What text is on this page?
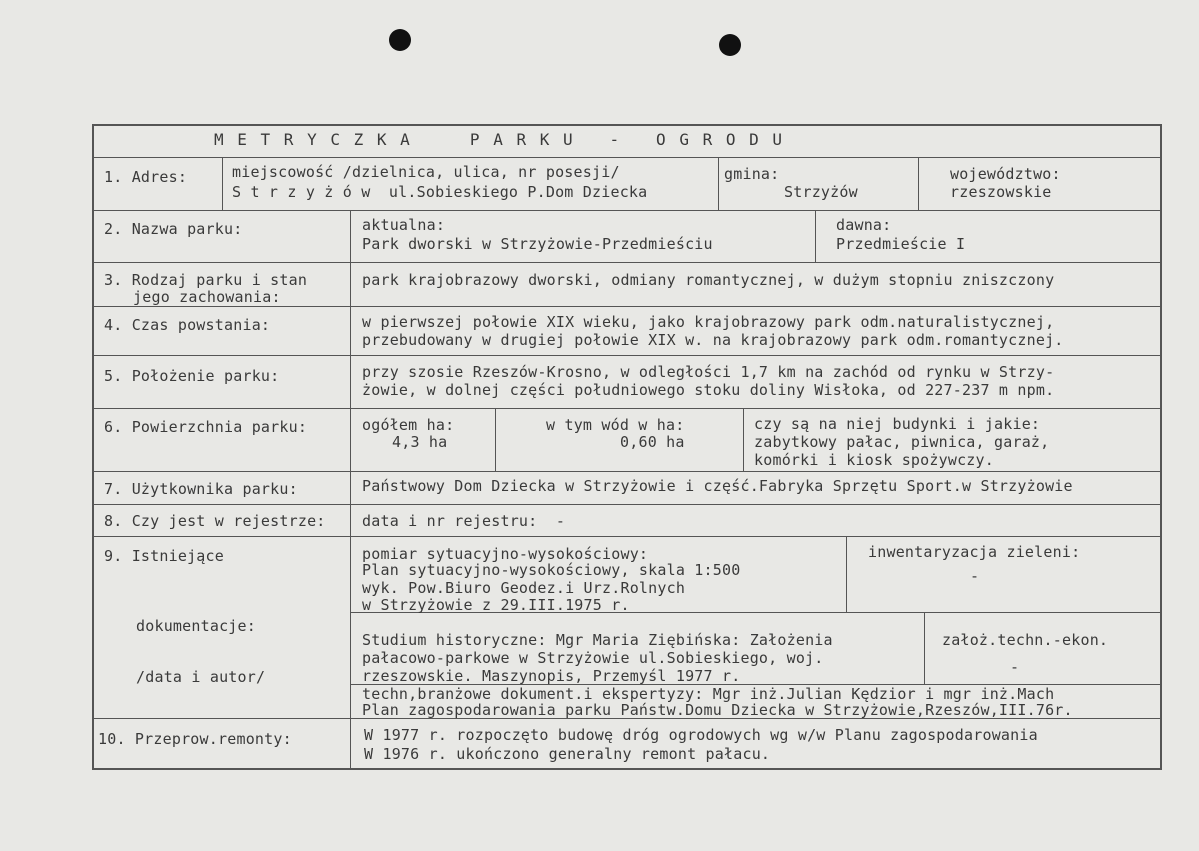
M E T R Y C Z K A     P A R K U   -   O G R O D U
1. Adres:	miejscowość /dzielnica, ulica, nr posesji/
S t r z y ż ó w  ul.Sobieskiego P.Dom Dziecka
gmina:
Strzyżów
województwo:
rzeszowskie
2. Nazwa parku:	aktualna:
Park dworski w Strzyżowie-Przedmieściu
dawna:
Przedmieście I
3. Rodzaj parku i stan
jego zachowania:
park krajobrazowy dworski, odmiany romantycznej, w dużym stopniu zniszczony
4. Czas powstania:	w pierwszej połowie XIX wieku, jako krajobrazowy park odm.naturalistycznej,
przebudowany w drugiej połowie XIX w. na krajobrazowy park odm.romantycznej.
5. Położenie parku:	przy szosie Rzeszów-Krosno, w odległości 1,7 km na zachód od rynku w Strzy-
żowie, w dolnej części południowego stoku doliny Wisłoka, od 227-237 m npm.
6. Powierzchnia parku:	ogółem ha:
4,3 ha
w tym wód w ha:
0,60 ha
czy są na niej budynki i jakie:
zabytkowy pałac, piwnica, garaż,
komórki i kiosk spożywczy.
7. Użytkownika parku:	Państwowy Dom Dziecka w Strzyżowie i część.Fabryka Sprzętu Sport.w Strzyżowie
8. Czy jest w rejestrze: data i nr rejestru:  -
9. Istniejące
dokumentacje:
/data i autor/
pomiar sytuacyjno-wysokościowy:
Plan sytuacyjno-wysokościowy, skala 1:500
wyk. Pow.Biuro Geodez.i Urz.Rolnych
w Strzyżowie z 29.III.1975 r.
inwentaryzacja zieleni:
-
Studium historyczne: Mgr Maria Ziębińska: Założenia
pałacowo-parkowe w Strzyżowie ul.Sobieskiego, woj.
rzeszowskie. Maszynopis, Przemyśl 1977 r.
założ.techn.-ekon.
-
techn,branżowe dokument.i ekspertyzy: Mgr inż.Julian Kędzior i mgr inż.Mach
Plan zagospodarowania parku Państw.Domu Dziecka w Strzyżowie,Rzeszów,III.76r.
10. Przeprow.remonty:	W 1977 r. rozpoczęto budowę dróg ogrodowych wg w/w Planu zagospodarowania
W 1976 r. ukończono generalny remont pałacu.
